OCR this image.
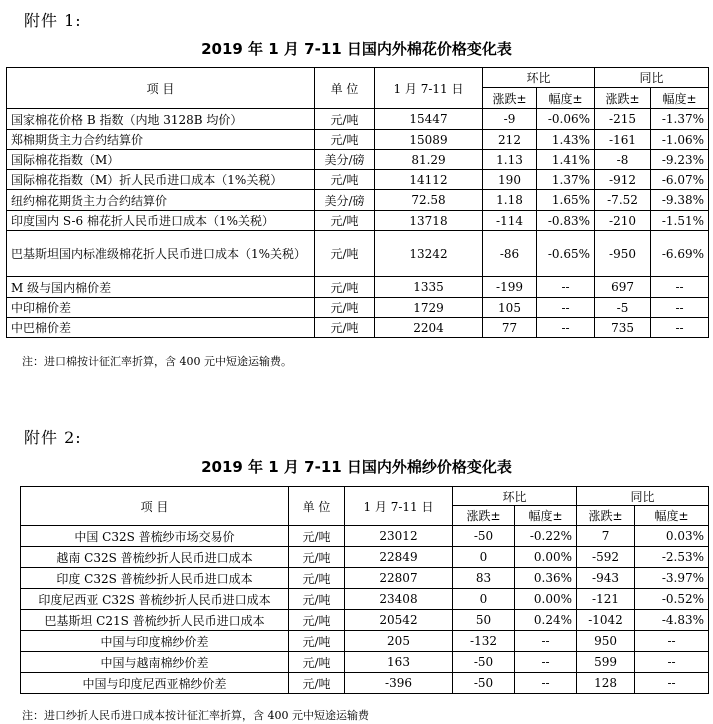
附件 1:
2019 年 1 月 7-11 日国内外棉花价格变化表
项 目	单 位	1 月 7-11 日	环比		同比	
			涨跌±	幅度±	涨跌±	幅度±
国家棉花价格 B 指数（内地 3128B 均价）	元/吨	15447	-9	-0.06%	-215	-1.37%
郑棉期货主力合约结算价	元/吨	15089	212	1.43%	-161	-1.06%
国际棉花指数（M）	美分/磅	81.29	1.13	1.41%	-8	-9.23%
国际棉花指数（M）折人民币进口成本（1%关税）	元/吨	14112	190	1.37%	-912	-6.07%
纽约棉花期货主力合约结算价	美分/磅	72.58	1.18	1.65%	-7.52	-9.38%
印度国内 S-6 棉花折人民币进口成本（1%关税）	元/吨	13718	-114	-0.83%	-210	-1.51%
巴基斯坦国内标准级棉花折人民币进口成本（1%关税）	元/吨	13242	-86	-0.65%	-950	-6.69%
M 级与国内棉价差	元/吨	1335	-199	--	697	--
中印棉价差	元/吨	1729	105	--	-5	--
中巴棉价差	元/吨	2204	77	--	735	--
注：进口棉按计征汇率折算，含 400 元中短途运输费。
附件 2:
2019 年 1 月 7-11 日国内外棉纱价格变化表
项 目	单 位	1 月 7-11 日	环比		同比	
			涨跌±	幅度±	涨跌±	幅度±
中国 C32S 普梳纱市场交易价	元/吨	23012	-50	-0.22%	7	0.03%
越南 C32S 普梳纱折人民币进口成本	元/吨	22849	0	0.00%	-592	-2.53%
印度 C32S 普梳纱折人民币进口成本	元/吨	22807	83	0.36%	-943	-3.97%
印度尼西亚 C32S 普梳纱折人民币进口成本	元/吨	23408	0	0.00%	-121	-0.52%
巴基斯坦 C21S 普梳纱折人民币进口成本	元/吨	20542	50	0.24%	-1042	-4.83%
中国与印度棉纱价差	元/吨	205	-132	--	950	--
中国与越南棉纱价差	元/吨	163	-50	--	599	--
中国与印度尼西亚棉纱价差	元/吨	-396	-50	--	128	--
注：进口纱折人民币进口成本按计征汇率折算，含 400 元中短途运输费
